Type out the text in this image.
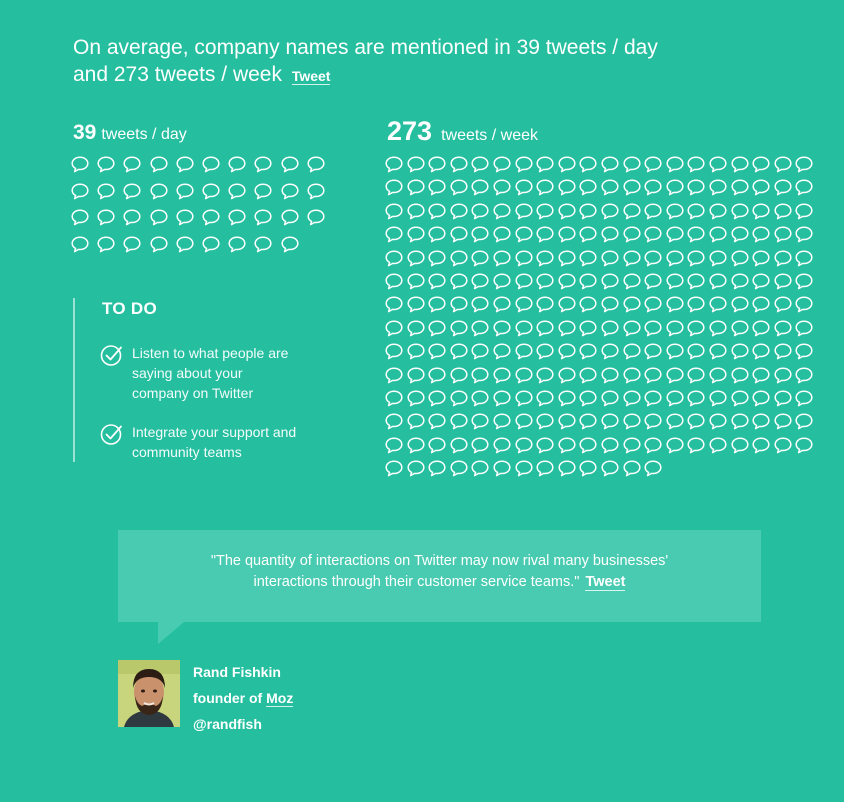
On average, company names are mentioned in 39 tweets / day
and 273 tweets / week Tweet
39 tweets / day	273 tweets / week
TO DO
Listen to what people are
saying about your
company on Twitter
Integrate your support and
community teams
"The quantity of interactions on Twitter may now rival many businesses'
interactions through their customer service teams." Tweet
Rand Fishkin
founder of Moz
@randfish
